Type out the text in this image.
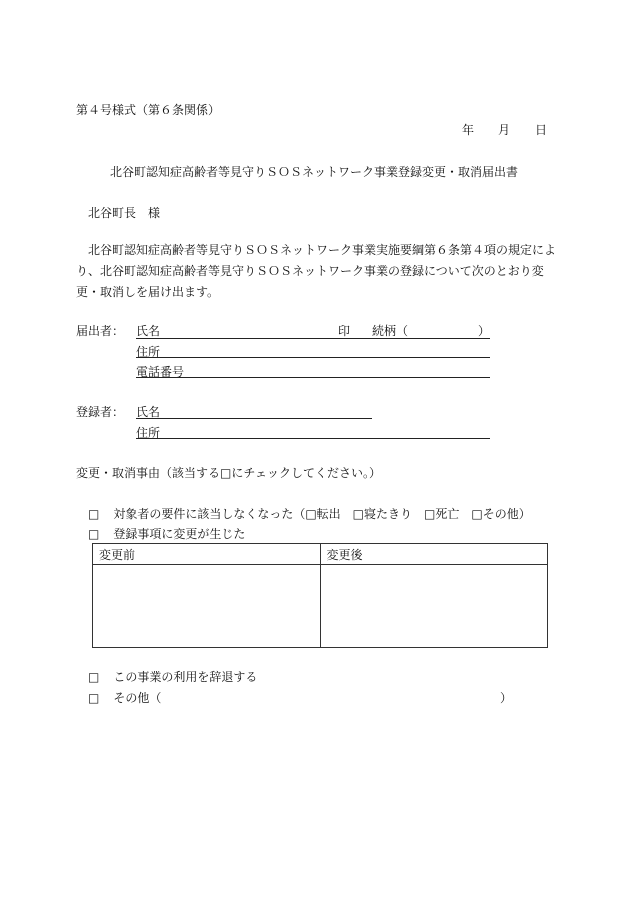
第４号様式（第６条関係）
年 月 日
北谷町認知症高齢者等見守りＳＯＳネットワーク事業登録変更・取消届出書
北谷町長　様
北谷町認知症高齢者等見守りＳＯＳネットワーク事業実施要綱第６条第４項の規定によ
り、北谷町認知症高齢者等見守りＳＯＳネットワーク事業の登録について次のとおり変
更・取消しを届け出ます。
届出者： 氏名	印 続柄（	）
住所
電話番号
登録者： 氏名
住所
変更・取消事由（該当する□にチェックしてください。）
□ 対象者の要件に該当しなくなった（□転出　□寝たきり　□死亡　□その他）
□ 登録事項に変更が生じた
変更前	変更後

□ この事業の利用を辞退する
□ その他（	）
